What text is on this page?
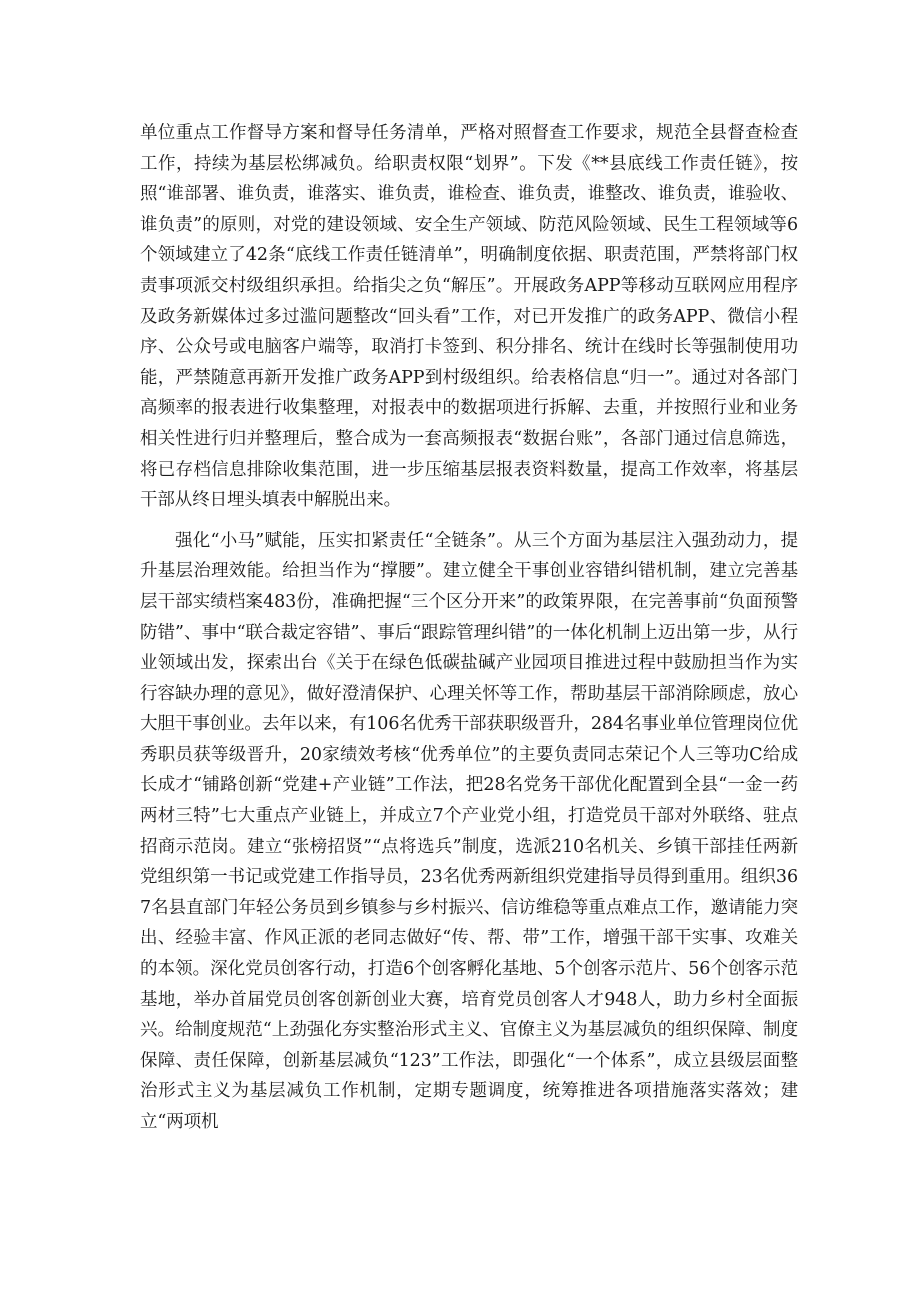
单位重点工作督导方案和督导任务清单，严格对照督查工作要求，规范全县督查检查工作，持续为基层松绑减负。给职责权限“划界”。下发《**县底线工作责任链》，按照“谁部署、谁负责，谁落实、谁负责，谁检查、谁负责，谁整改、谁负责，谁验收、谁负责”的原则，对党的建设领域、安全生产领域、防范风险领域、民生工程领域等6个领域建立了42条“底线工作责任链清单”，明确制度依据、职责范围，严禁将部门权责事项派交村级组织承担。给指尖之负“解压”。开展政务APP等移动互联网应用程序及政务新媒体过多过滥问题整改“回头看”工作，对已开发推广的政务APP、微信小程序、公众号或电脑客户端等，取消打卡签到、积分排名、统计在线时长等强制使用功能，严禁随意再新开发推广政务APP到村级组织。给表格信息“归一”。通过对各部门高频率的报表进行收集整理，对报表中的数据项进行拆解、去重，并按照行业和业务相关性进行归并整理后，整合成为一套高频报表“数据台账”，各部门通过信息筛选，将已存档信息排除收集范围，进一步压缩基层报表资料数量，提高工作效率，将基层干部从终日埋头填表中解脱出来。

强化“小马”赋能，压实扣紧责任“全链条”。从三个方面为基层注入强劲动力，提升基层治理效能。给担当作为“撑腰”。建立健全干事创业容错纠错机制，建立完善基层干部实绩档案483份，准确把握“三个区分开来”的政策界限，在完善事前“负面预警防错”、事中“联合裁定容错”、事后“跟踪管理纠错”的一体化机制上迈出第一步，从行业领域出发，探索出台《关于在绿色低碳盐碱产业园项目推进过程中鼓励担当作为实行容缺办理的意见》，做好澄清保护、心理关怀等工作，帮助基层干部消除顾虑，放心大胆干事创业。去年以来，有106名优秀干部获职级晋升，284名事业单位管理岗位优秀职员获等级晋升，20家绩效考核“优秀单位”的主要负责同志荣记个人三等功C给成长成才“铺路创新“党建+产业链”工作法，把28名党务干部优化配置到全县“一金一药两材三特”七大重点产业链上，并成立7个产业党小组，打造党员干部对外联络、驻点招商示范岗。建立“张榜招贤”“点将选兵”制度，选派210名机关、乡镇干部挂任两新党组织第一书记或党建工作指导员，23名优秀两新组织党建指导员得到重用。组织367名县直部门年轻公务员到乡镇参与乡村振兴、信访维稳等重点难点工作，邀请能力突出、经验丰富、作风正派的老同志做好“传、帮、带”工作，增强干部干实事、攻难关的本领。深化党员创客行动，打造6个创客孵化基地、5个创客示范片、56个创客示范基地，举办首届党员创客创新创业大赛，培育党员创客人才948人，助力乡村全面振兴。给制度规范“上劲强化夯实整治形式主义、官僚主义为基层减负的组织保障、制度保障、责任保障，创新基层减负“123”工作法，即强化“一个体系”，成立县级层面整治形式主义为基层减负工作机制，定期专题调度，统筹推进各项措施落实落效；建立“两项机
